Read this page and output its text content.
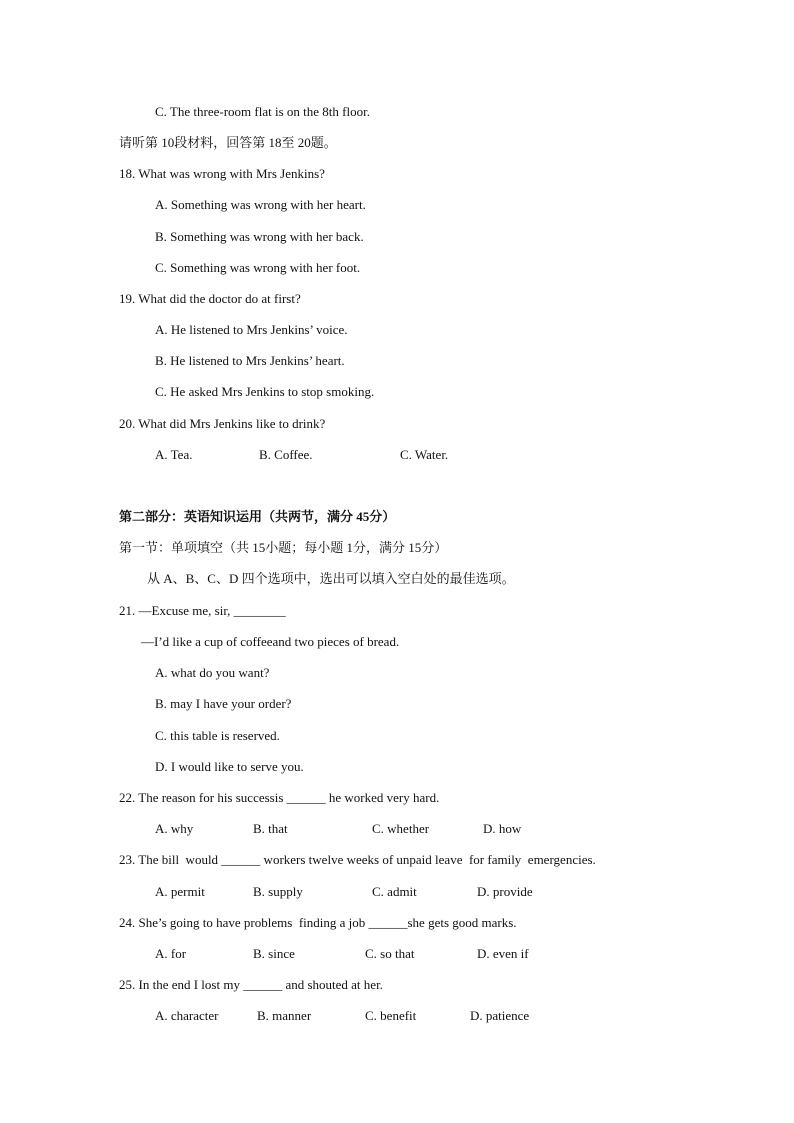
C. The three-room flat is on the 8th floor.
请听第 10段材料，回答第 18至 20题。
18. What was wrong with Mrs Jenkins?
A. Something was wrong with her heart.
B. Something was wrong with her back.
C. Something was wrong with her foot.
19. What did the doctor do at first?
A. He listened to Mrs Jenkins’ voice.
B. He listened to Mrs Jenkins’ heart.
C. He asked Mrs Jenkins to stop smoking.
20. What did Mrs Jenkins like to drink?
A. Tea.	B. Coffee.	C. Water.
第二部分：英语知识运用（共两节，满分 45分）
第一节：单项填空（共 15小题；每小题 1分，满分 15分）
从 A、B、C、D 四个选项中，选出可以填入空白处的最佳选项。
21. —Excuse me, sir, ________
—I’d like a cup of coffeeand two pieces of bread.
A. what do you want?
B. may I have your order?
C. this table is reserved.
D. I would like to serve you.
22. The reason for his successis ______ he worked very hard.
A. why	B. that	C. whether	D. how
23. The bill  would ______ workers twelve weeks of unpaid leave  for family  emergencies.
A. permit	B. supply	C. admit	D. provide
24. She’s going to have problems  finding a job ______she gets good marks.
A. for	B. since	C. so that	D. even if
25. In the end I lost my ______ and shouted at her.
A. character	B. manner	C. benefit	D. patience
